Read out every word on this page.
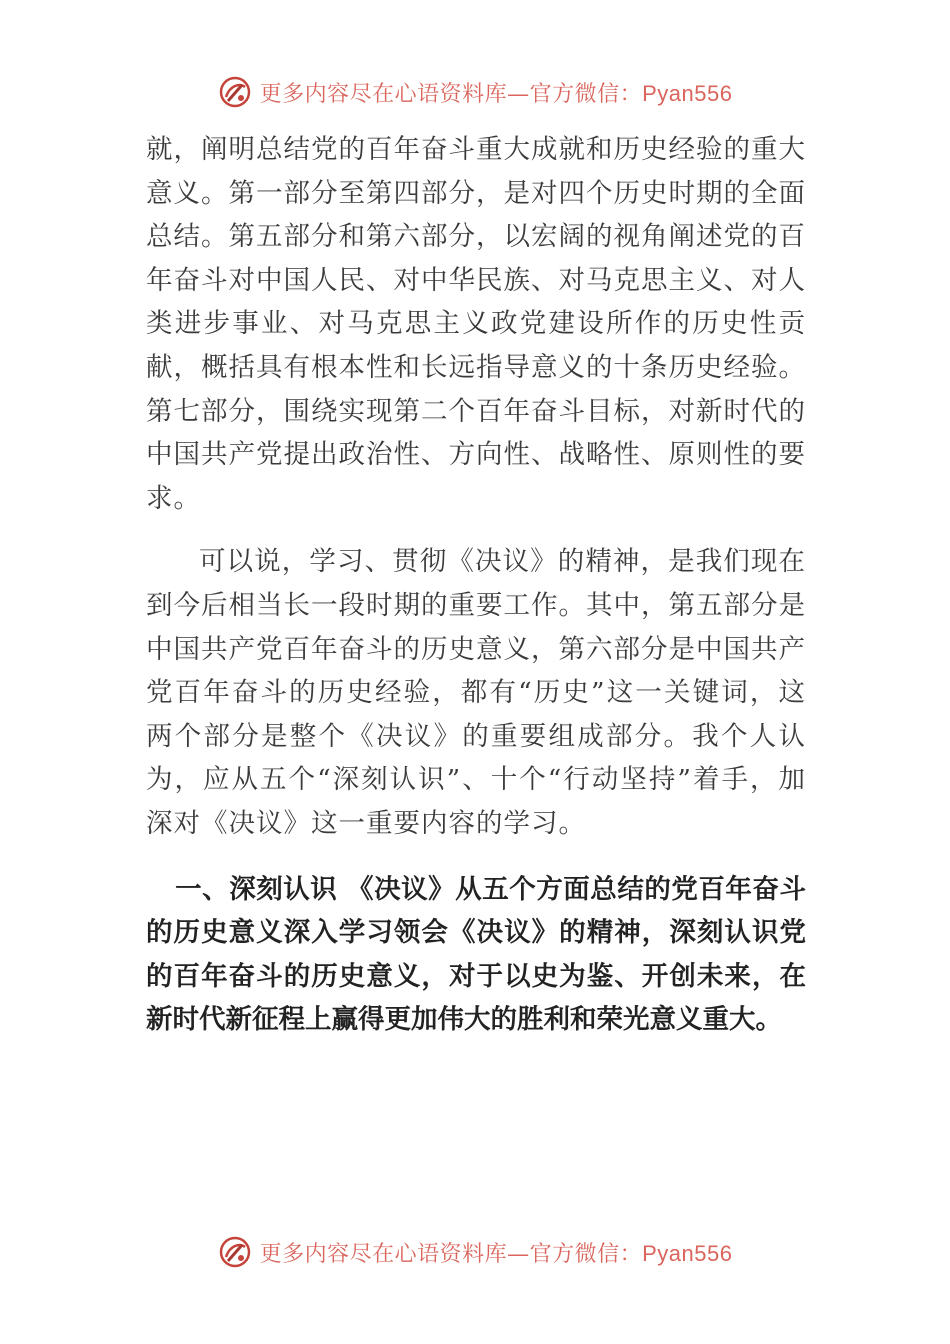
更多内容尽在心语资料库—官方微信：Pyan556

就，阐明总结党的百年奋斗重大成就和历史经验的重大意义。第一部分至第四部分，是对四个历史时期的全面总结。第五部分和第六部分，以宏阔的视角阐述党的百年奋斗对中国人民、对中华民族、对马克思主义、对人类进步事业、对马克思主义政党建设所作的历史性贡献，概括具有根本性和长远指导意义的十条历史经验。第七部分，围绕实现第二个百年奋斗目标，对新时代的中国共产党提出政治性、方向性、战略性、原则性的要求。

可以说，学习、贯彻《决议》的精神，是我们现在到今后相当长一段时期的重要工作。其中，第五部分是中国共产党百年奋斗的历史意义，第六部分是中国共产党百年奋斗的历史经验，都有“历史”这一关键词，这两个部分是整个《决议》的重要组成部分。我个人认为，应从五个“深刻认识”、十个“行动坚持”着手，加深对《决议》这一重要内容的学习。

一、深刻认识 《决议》从五个方面总结的党百年奋斗的历史意义深入学习领会《决议》的精神，深刻认识党的百年奋斗的历史意义，对于以史为鉴、开创未来，在新时代新征程上赢得更加伟大的胜利和荣光意义重大。

更多内容尽在心语资料库—官方微信：Pyan556
